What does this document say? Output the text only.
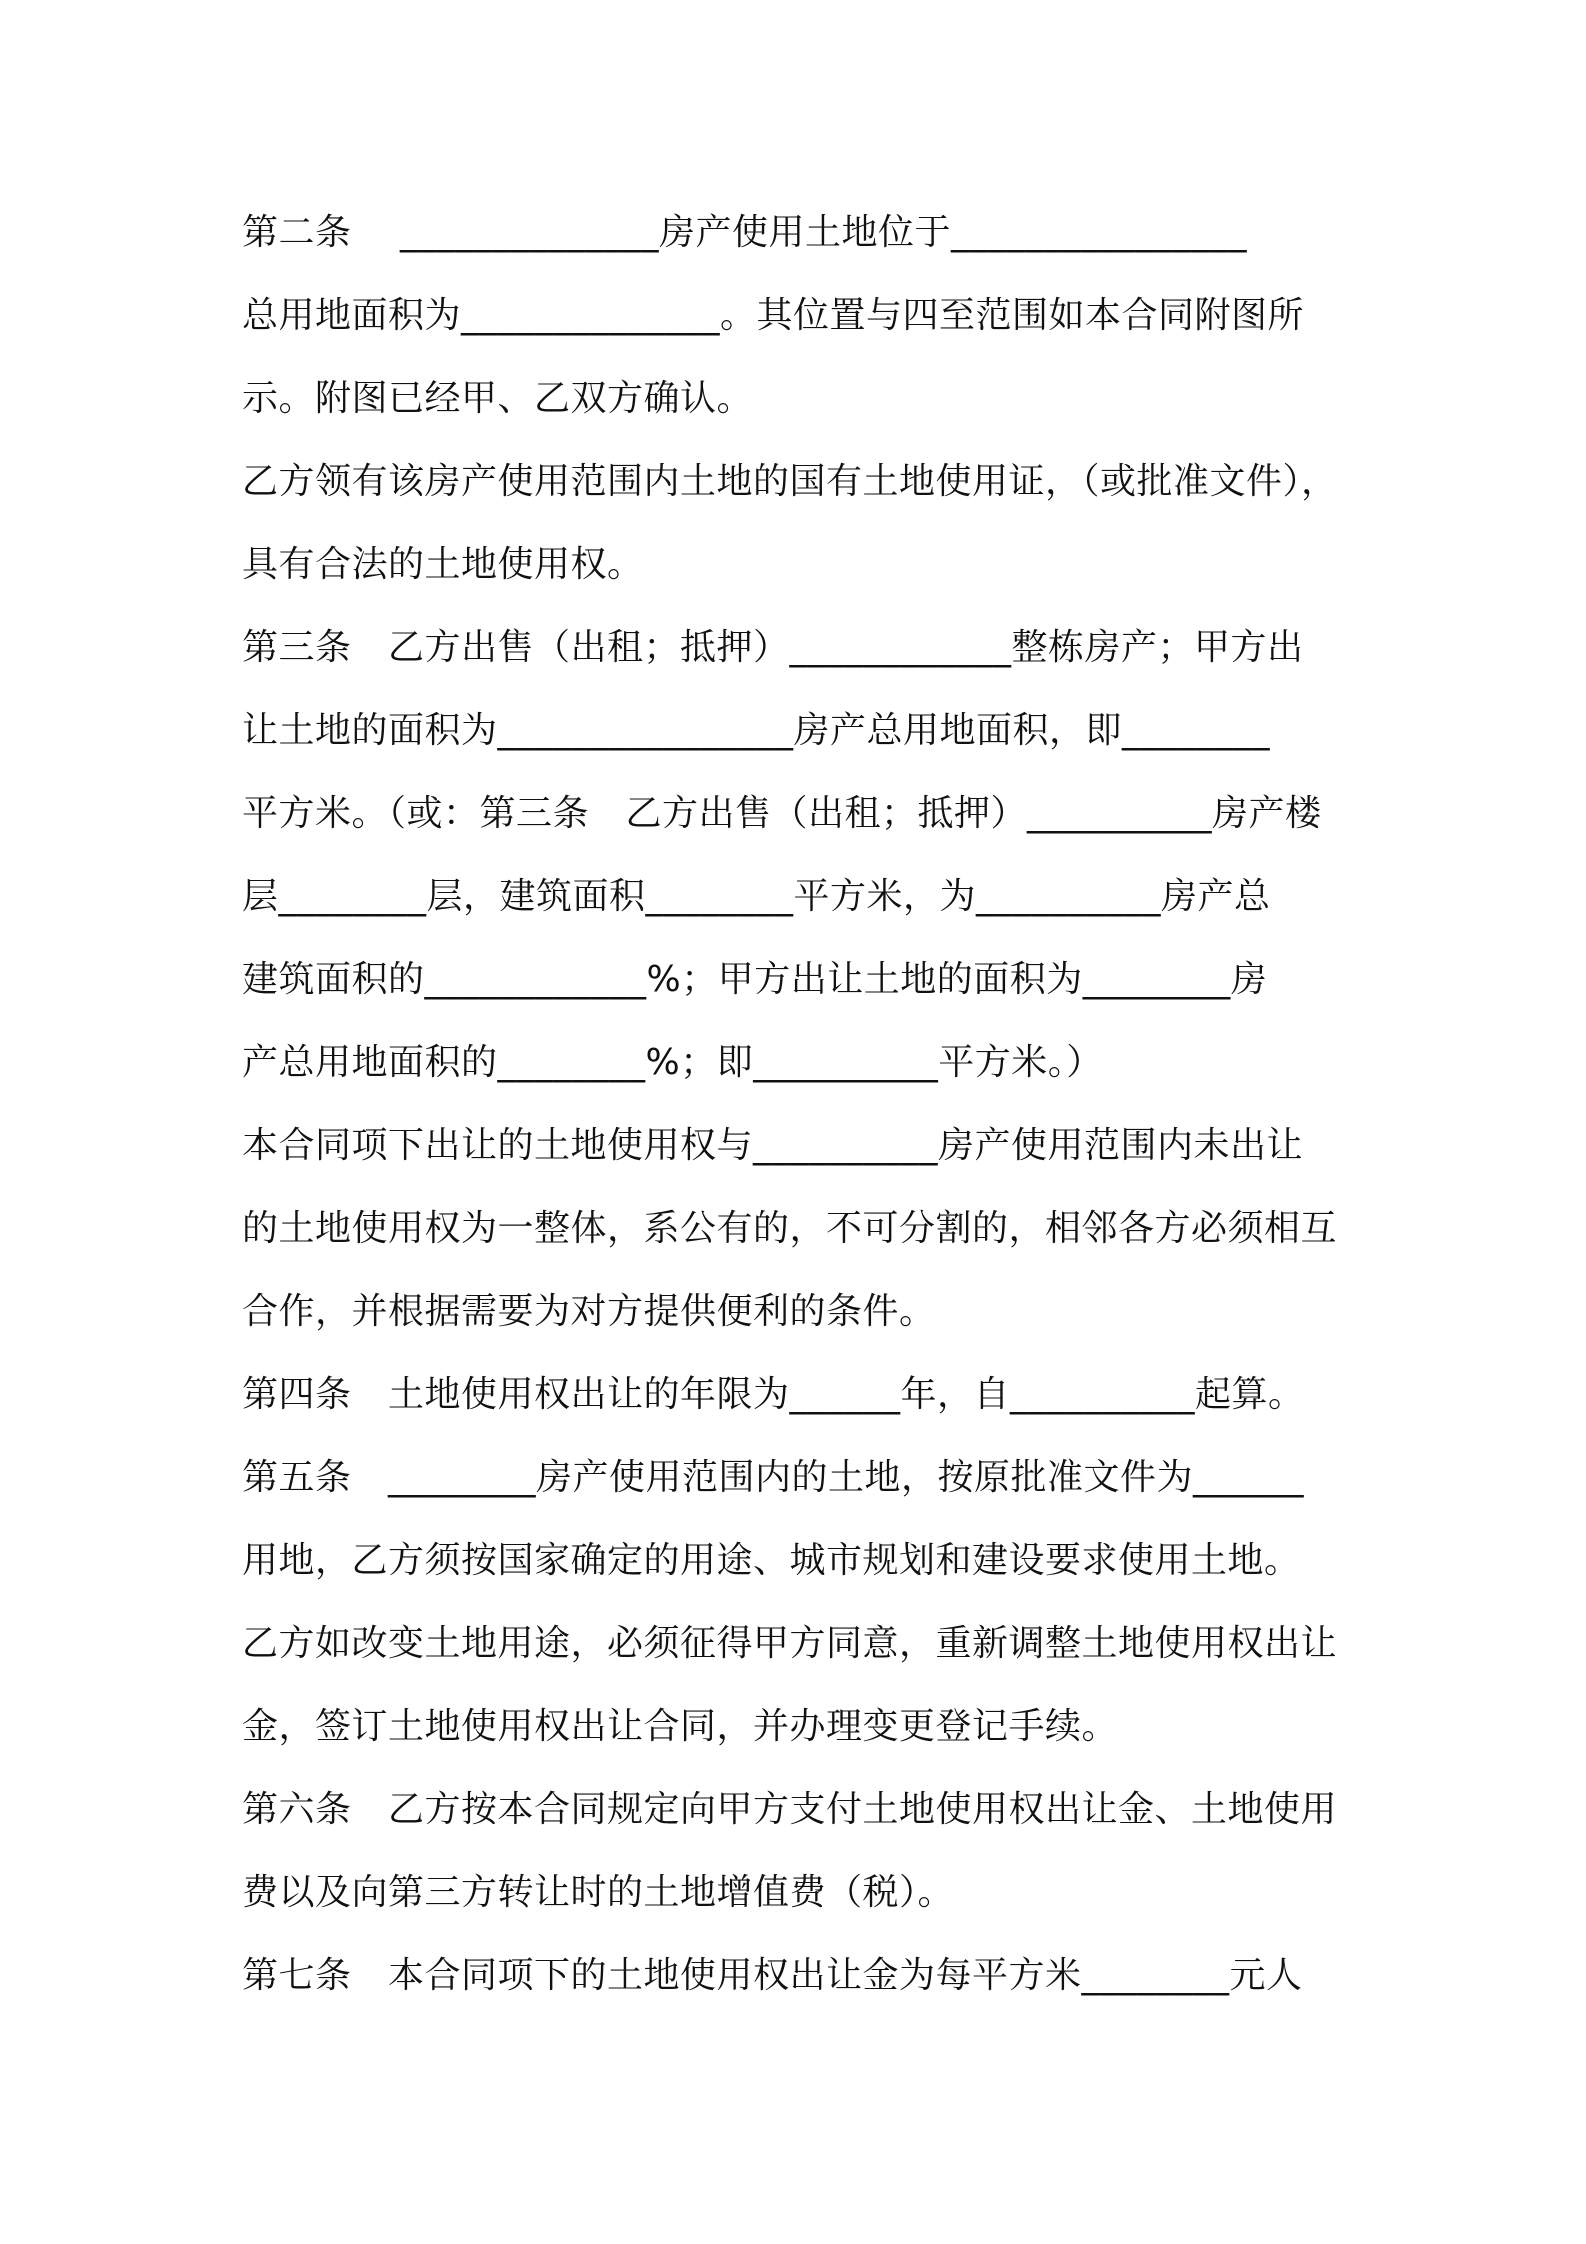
第二条　 ______________房产使用土地位于________________
总用地面积为______________。其位置与四至范围如本合同附图所
示。附图已经甲、乙双方确认。
乙方领有该房产使用范围内土地的国有土地使用证，（或批准文件），
具有合法的土地使用权。
第三条　乙方出售（出租；抵押）____________整栋房产；甲方出
让土地的面积为________________房产总用地面积，即________
平方米。（或：第三条　乙方出售（出租；抵押）__________房产楼
层________层，建筑面积________平方米，为__________房产总
建筑面积的____________%；甲方出让土地的面积为________房
产总用地面积的________%；即__________平方米。）
本合同项下出让的土地使用权与__________房产使用范围内未出让
的土地使用权为一整体，系公有的，不可分割的，相邻各方必须相互
合作，并根据需要为对方提供便利的条件。
第四条　土地使用权出让的年限为______年，自__________起算。
第五条　________房产使用范围内的土地，按原批准文件为______
用地，乙方须按国家确定的用途、城市规划和建设要求使用土地。
乙方如改变土地用途，必须征得甲方同意，重新调整土地使用权出让
金，签订土地使用权出让合同，并办理变更登记手续。
第六条　乙方按本合同规定向甲方支付土地使用权出让金、土地使用
费以及向第三方转让时的土地增值费（税）。
第七条　本合同项下的土地使用权出让金为每平方米________元人
